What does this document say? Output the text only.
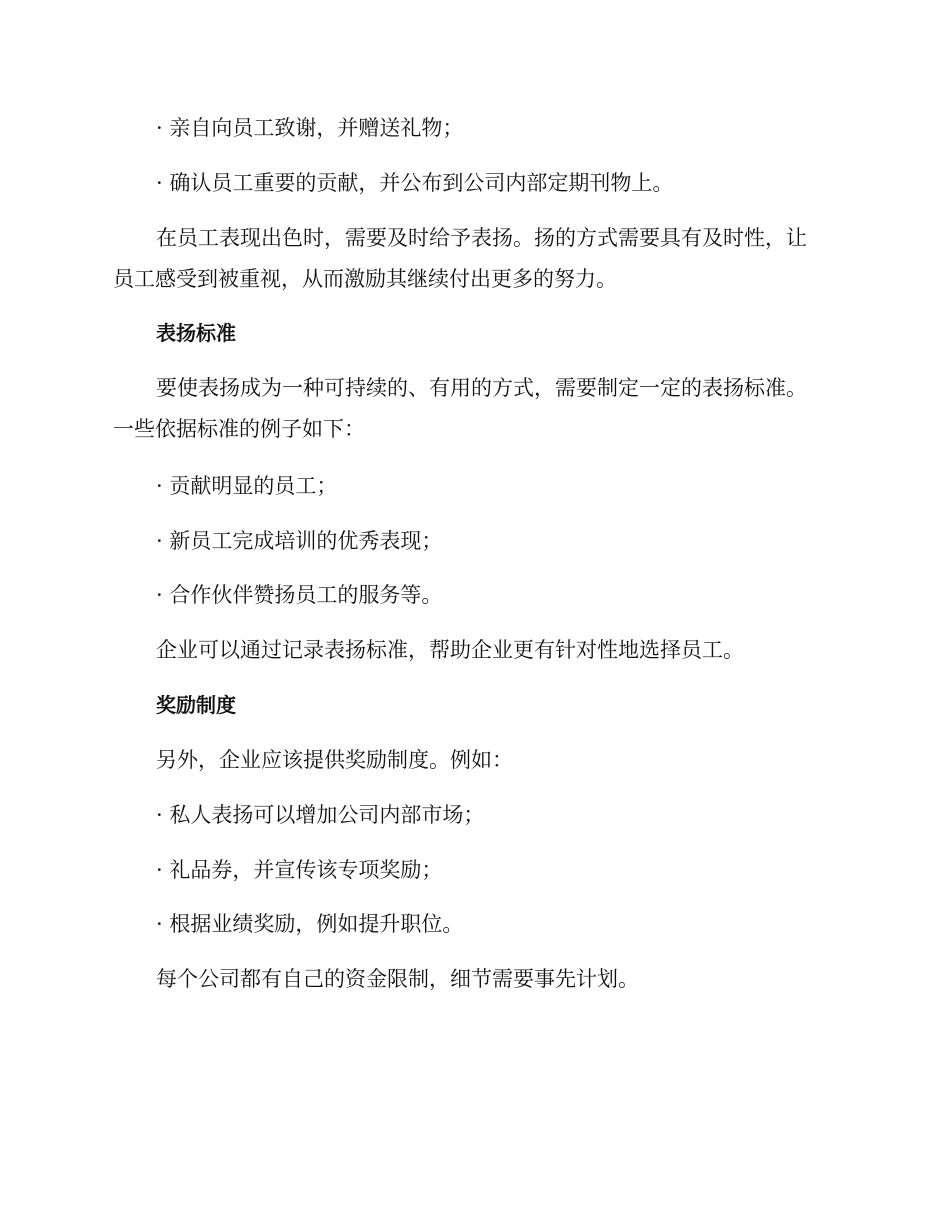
· 亲自向员工致谢，并赠送礼物；
· 确认员工重要的贡献，并公布到公司内部定期刊物上。
在员工表现出色时，需要及时给予表扬。扬的方式需要具有及时性，让
员工感受到被重视，从而激励其继续付出更多的努力。
表扬标准
要使表扬成为一种可持续的、有用的方式，需要制定一定的表扬标准。
一些依据标准的例子如下：
· 贡献明显的员工；
· 新员工完成培训的优秀表现；
· 合作伙伴赞扬员工的服务等。
企业可以通过记录表扬标准，帮助企业更有针对性地选择员工。
奖励制度
另外，企业应该提供奖励制度。例如：
· 私人表扬可以增加公司内部市场；
· 礼品券，并宣传该专项奖励；
· 根据业绩奖励，例如提升职位。
每个公司都有自己的资金限制，细节需要事先计划。
